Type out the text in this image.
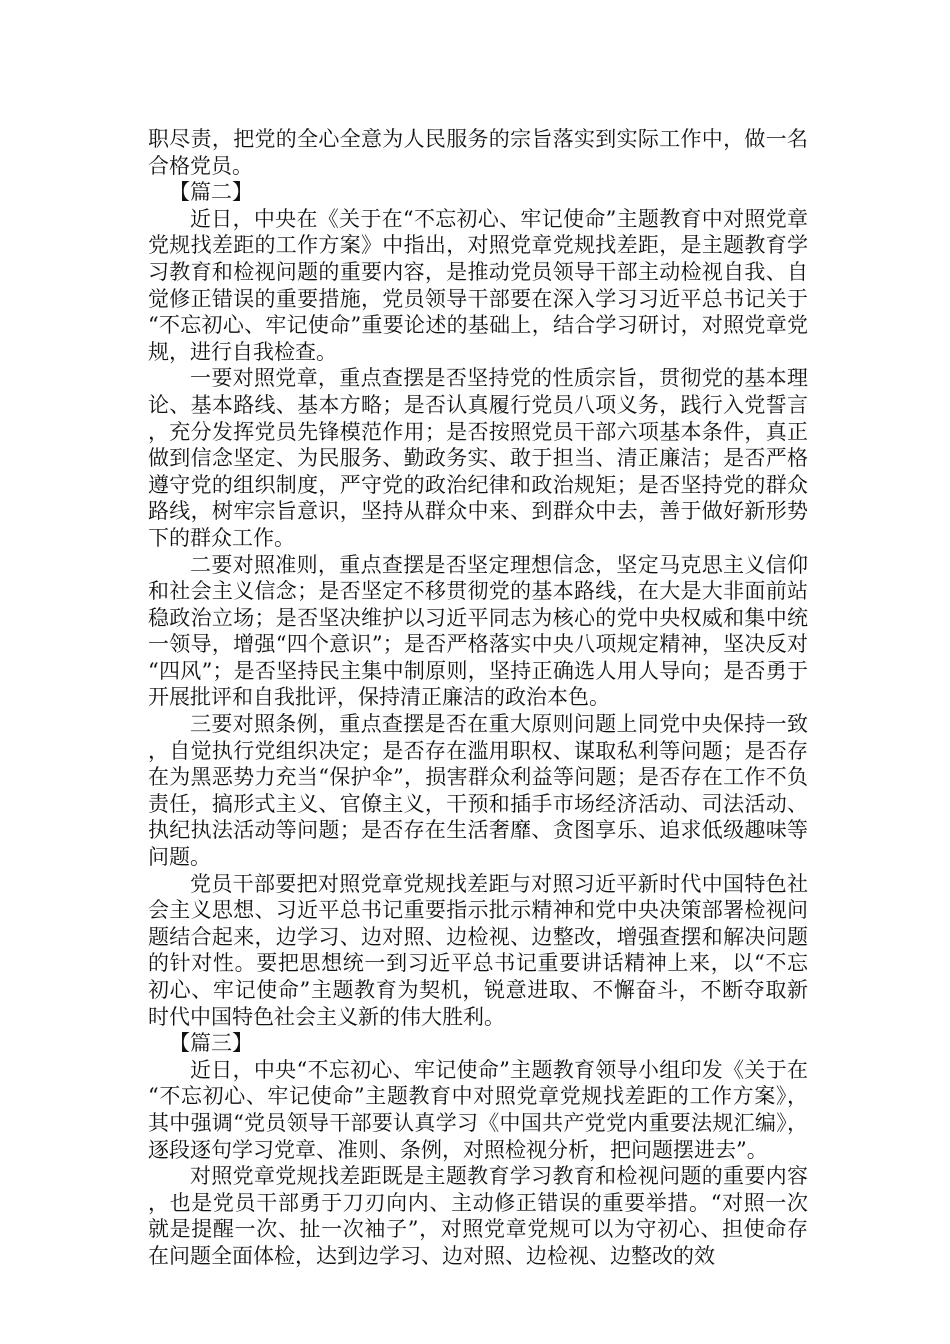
职尽责，把党的全心全意为人民服务的宗旨落实到实际工作中，做一名合格党员。

【篇二】

近日，中央在《关于在“不忘初心、牢记使命”主题教育中对照党章党规找差距的工作方案》中指出，对照党章党规找差距，是主题教育学习教育和检视问题的重要内容，是推动党员领导干部主动检视自我、自觉修正错误的重要措施，党员领导干部要在深入学习习近平总书记关于“不忘初心、牢记使命”重要论述的基础上，结合学习研讨，对照党章党规，进行自我检查。

一要对照党章，重点查摆是否坚持党的性质宗旨，贯彻党的基本理论、基本路线、基本方略；是否认真履行党员八项义务，践行入党誓言，充分发挥党员先锋模范作用；是否按照党员干部六项基本条件，真正做到信念坚定、为民服务、勤政务实、敢于担当、清正廉洁；是否严格遵守党的组织制度，严守党的政治纪律和政治规矩；是否坚持党的群众路线，树牢宗旨意识，坚持从群众中来、到群众中去，善于做好新形势下的群众工作。

二要对照准则，重点查摆是否坚定理想信念，坚定马克思主义信仰和社会主义信念；是否坚定不移贯彻党的基本路线，在大是大非面前站稳政治立场；是否坚决维护以习近平同志为核心的党中央权威和集中统一领导，增强“四个意识”；是否严格落实中央八项规定精神，坚决反对“四风”；是否坚持民主集中制原则，坚持正确选人用人导向；是否勇于开展批评和自我批评，保持清正廉洁的政治本色。

三要对照条例，重点查摆是否在重大原则问题上同党中央保持一致，自觉执行党组织决定；是否存在滥用职权、谋取私利等问题；是否存在为黑恶势力充当“保护伞”，损害群众利益等问题；是否存在工作不负责任，搞形式主义、官僚主义，干预和插手市场经济活动、司法活动、执纪执法活动等问题；是否存在生活奢靡、贪图享乐、追求低级趣味等问题。

党员干部要把对照党章党规找差距与对照习近平新时代中国特色社会主义思想、习近平总书记重要指示批示精神和党中央决策部署检视问题结合起来，边学习、边对照、边检视、边整改，增强查摆和解决问题的针对性。要把思想统一到习近平总书记重要讲话精神上来，以“不忘初心、牢记使命”主题教育为契机，锐意进取、不懈奋斗，不断夺取新时代中国特色社会主义新的伟大胜利。

【篇三】

近日，中央“不忘初心、牢记使命”主题教育领导小组印发《关于在“不忘初心、牢记使命”主题教育中对照党章党规找差距的工作方案》，其中强调“党员领导干部要认真学习《中国共产党党内重要法规汇编》，逐段逐句学习党章、准则、条例，对照检视分析，把问题摆进去”。

对照党章党规找差距既是主题教育学习教育和检视问题的重要内容，也是党员干部勇于刀刃向内、主动修正错误的重要举措。“对照一次就是提醒一次、扯一次袖子”，对照党章党规可以为守初心、担使命存在问题全面体检，达到边学习、边对照、边检视、边整改的效
